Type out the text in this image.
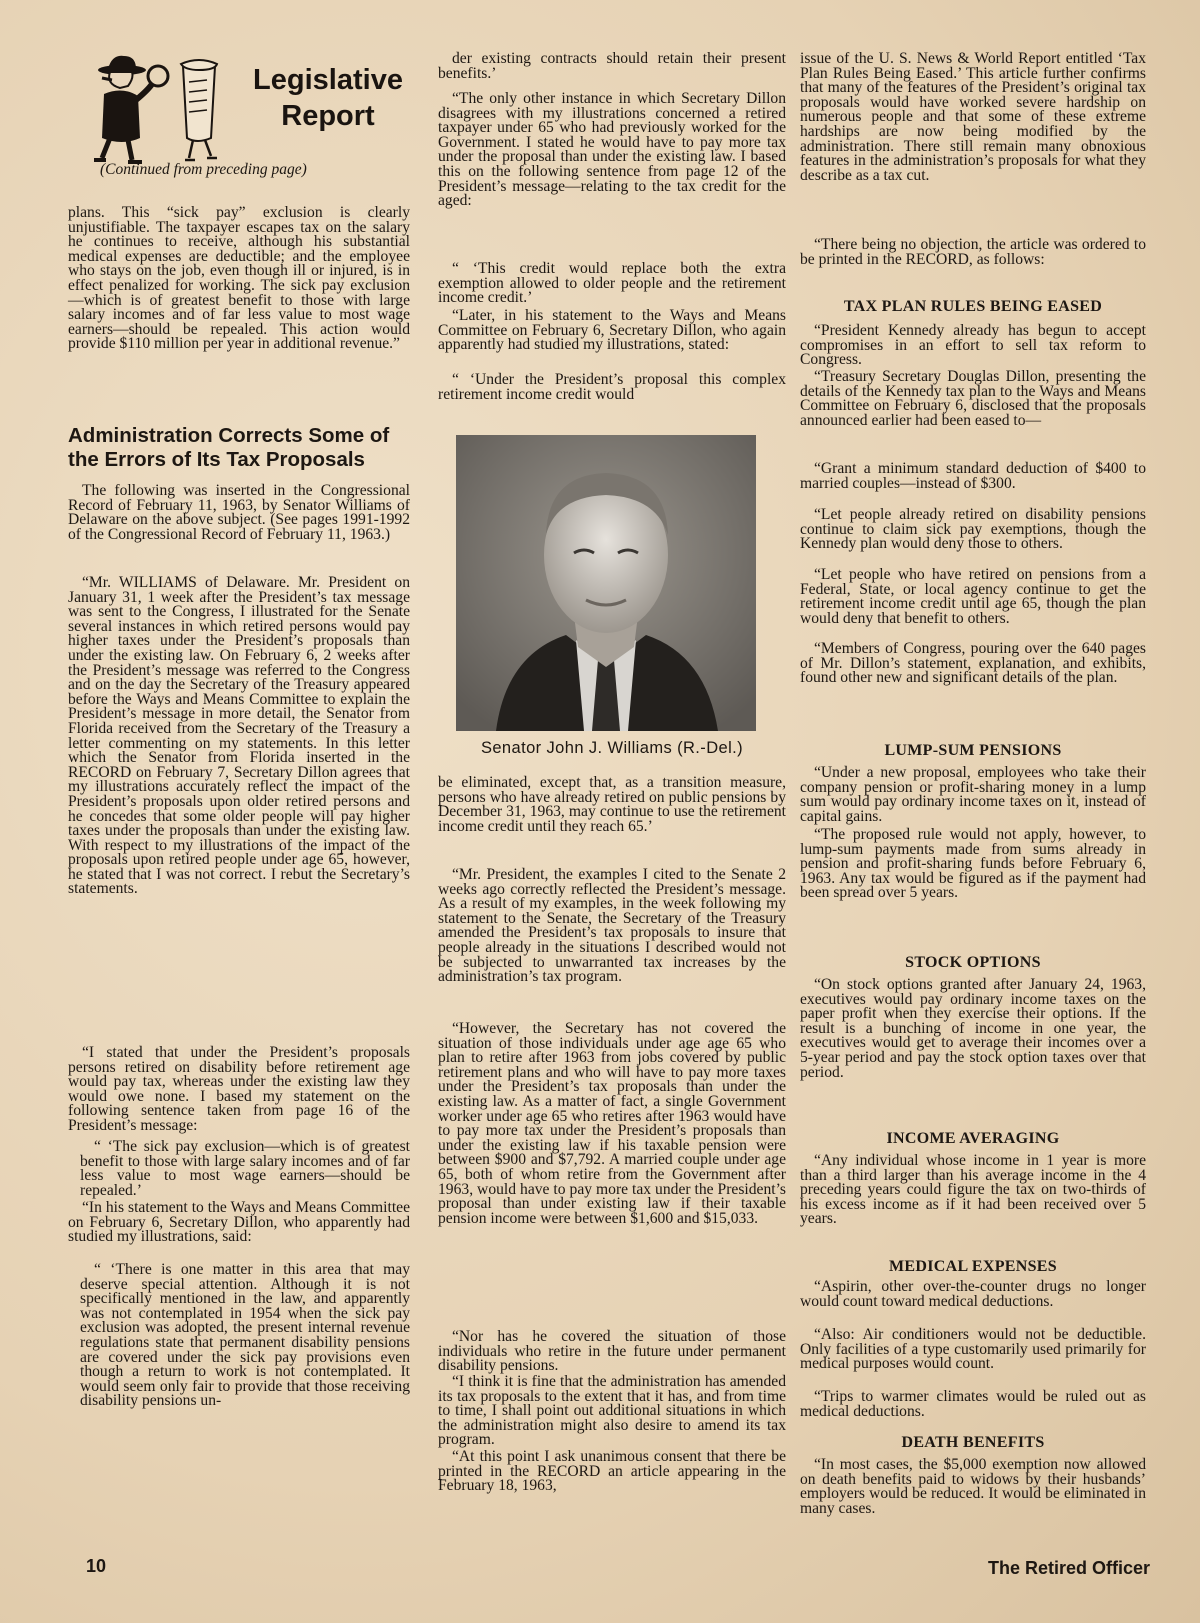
Legislative
Report
(Continued from preceding page)

plans. This “sick pay” exclusion is clearly unjustifiable. The taxpayer escapes tax on the salary he continues to receive, although his substantial medical expenses are deductible; and the employee who stays on the job, even though ill or injured, is in effect penalized for working. The sick pay exclusion—which is of greatest benefit to those with large salary incomes and of far less value to most wage earners—should be repealed. This action would provide $110 million per year in additional revenue.”

Administration Corrects Some of the Errors of Its Tax Proposals

The following was inserted in the Congressional Record of February 11, 1963, by Senator Williams of Delaware on the above subject. (See pages 1991-1992 of the Congressional Record of February 11, 1963.)

“Mr. WILLIAMS of Delaware. Mr. President on January 31, 1 week after the President’s tax message was sent to the Congress, I illustrated for the Senate several instances in which retired persons would pay higher taxes under the President’s proposals than under the existing law. On February 6, 2 weeks after the President’s message was referred to the Congress and on the day the Secretary of the Treasury appeared before the Ways and Means Committee to explain the President’s message in more detail, the Senator from Florida received from the Secretary of the Treasury a letter commenting on my statements. In this letter which the Senator from Florida inserted in the RECORD on February 7, Secretary Dillon agrees that my illustrations accurately reflect the impact of the President’s proposals upon older retired persons and he concedes that some older people will pay higher taxes under the proposals than under the existing law. With respect to my illustrations of the impact of the proposals upon retired people under age 65, however, he stated that I was not correct. I rebut the Secretary’s statements.

“I stated that under the President’s proposals persons retired on disability before retirement age would pay tax, whereas under the existing law they would owe none. I based my statement on the following sentence taken from page 16 of the President’s message:

“ ‘The sick pay exclusion—which is of greatest benefit to those with large salary incomes and of far less value to most wage earners—should be repealed.’

“In his statement to the Ways and Means Committee on February 6, Secretary Dillon, who apparently had studied my illustrations, said:

“ ‘There is one matter in this area that may deserve special attention. Although it is not specifically mentioned in the law, and apparently was not contemplated in 1954 when the sick pay exclusion was adopted, the present internal revenue regulations state that permanent disability pensions are covered under the sick pay provisions even though a return to work is not contemplated. It would seem only fair to provide that those receiving disability pensions un-

der existing contracts should retain their present benefits.’

“The only other instance in which Secretary Dillon disagrees with my illustrations concerned a retired taxpayer under 65 who had previously worked for the Government. I stated he would have to pay more tax under the proposal than under the existing law. I based this on the following sentence from page 12 of the President’s message—relating to the tax credit for the aged:

“ ‘This credit would replace both the extra exemption allowed to older people and the retirement income credit.’

“Later, in his statement to the Ways and Means Committee on February 6, Secretary Dillon, who again apparently had studied my illustrations, stated:

“ ‘Under the President’s proposal this complex retirement income credit would

be eliminated, except that, as a transition measure, persons who have already retired on public pensions by December 31, 1963, may continue to use the retirement income credit until they reach 65.’

“Mr. President, the examples I cited to the Senate 2 weeks ago correctly reflected the President’s message. As a result of my examples, in the week following my statement to the Senate, the Secretary of the Treasury amended the President’s tax proposals to insure that people already in the situations I described would not be subjected to unwarranted tax increases by the administration’s tax program.

“However, the Secretary has not covered the situation of those individuals under age age 65 who plan to retire after 1963 from jobs covered by public retirement plans and who will have to pay more taxes under the President’s tax proposals than under the existing law. As a matter of fact, a single Government worker under age 65 who retires after 1963 would have to pay more tax under the President’s proposals than under the existing law if his taxable pension were between $900 and $7,792. A married couple under age 65, both of whom retire from the Government after 1963, would have to pay more tax under the President’s proposal than under existing law if their taxable pension income were between $1,600 and $15,033.

“Nor has he covered the situation of those individuals who retire in the future under permanent disability pensions.

“I think it is fine that the administration has amended its tax proposals to the extent that it has, and from time to time, I shall point out additional situations in which the administration might also desire to amend its tax program.

“At this point I ask unanimous consent that there be printed in the RECORD an article appearing in the February 18, 1963,

Senator John J. Williams (R.-Del.)

issue of the U. S. News & World Report entitled ‘Tax Plan Rules Being Eased.’ This article further confirms that many of the features of the President’s original tax proposals would have worked severe hardship on numerous people and that some of these extreme hardships are now being modified by the administration. There still remain many obnoxious features in the administration’s proposals for what they describe as a tax cut.

“There being no objection, the article was ordered to be printed in the RECORD, as follows:

TAX PLAN RULES BEING EASED

“President Kennedy already has begun to accept compromises in an effort to sell tax reform to Congress.

“Treasury Secretary Douglas Dillon, presenting the details of the Kennedy tax plan to the Ways and Means Committee on February 6, disclosed that the proposals announced earlier had been eased to—

“Grant a minimum standard deduction of $400 to married couples—instead of $300.

“Let people already retired on disability pensions continue to claim sick pay exemptions, though the Kennedy plan would deny those to others.

“Let people who have retired on pensions from a Federal, State, or local agency continue to get the retirement income credit until age 65, though the plan would deny that benefit to others.

“Members of Congress, pouring over the 640 pages of Mr. Dillon’s statement, explanation, and exhibits, found other new and significant details of the plan.

LUMP-SUM PENSIONS

“Under a new proposal, employees who take their company pension or profit-sharing money in a lump sum would pay ordinary income taxes on it, instead of capital gains.

“The proposed rule would not apply, however, to lump-sum payments made from sums already in pension and profit-sharing funds before February 6, 1963. Any tax would be figured as if the payment had been spread over 5 years.

STOCK OPTIONS

“On stock options granted after January 24, 1963, executives would pay ordinary income taxes on the paper profit when they exercise their options. If the result is a bunching of income in one year, the executives would get to average their incomes over a 5-year period and pay the stock option taxes over that period.

INCOME AVERAGING

“Any individual whose income in 1 year is more than a third larger than his average income in the 4 preceding years could figure the tax on two-thirds of his excess income as if it had been received over 5 years.

MEDICAL EXPENSES

“Aspirin, other over-the-counter drugs no longer would count toward medical deductions.

“Also: Air conditioners would not be deductible. Only facilities of a type customarily used primarily for medical purposes would count.

“Trips to warmer climates would be ruled out as medical deductions.

DEATH BENEFITS

“In most cases, the $5,000 exemption now allowed on death benefits paid to widows by their husbands’ employers would be reduced. It would be eliminated in many cases.

10	The Retired Officer
